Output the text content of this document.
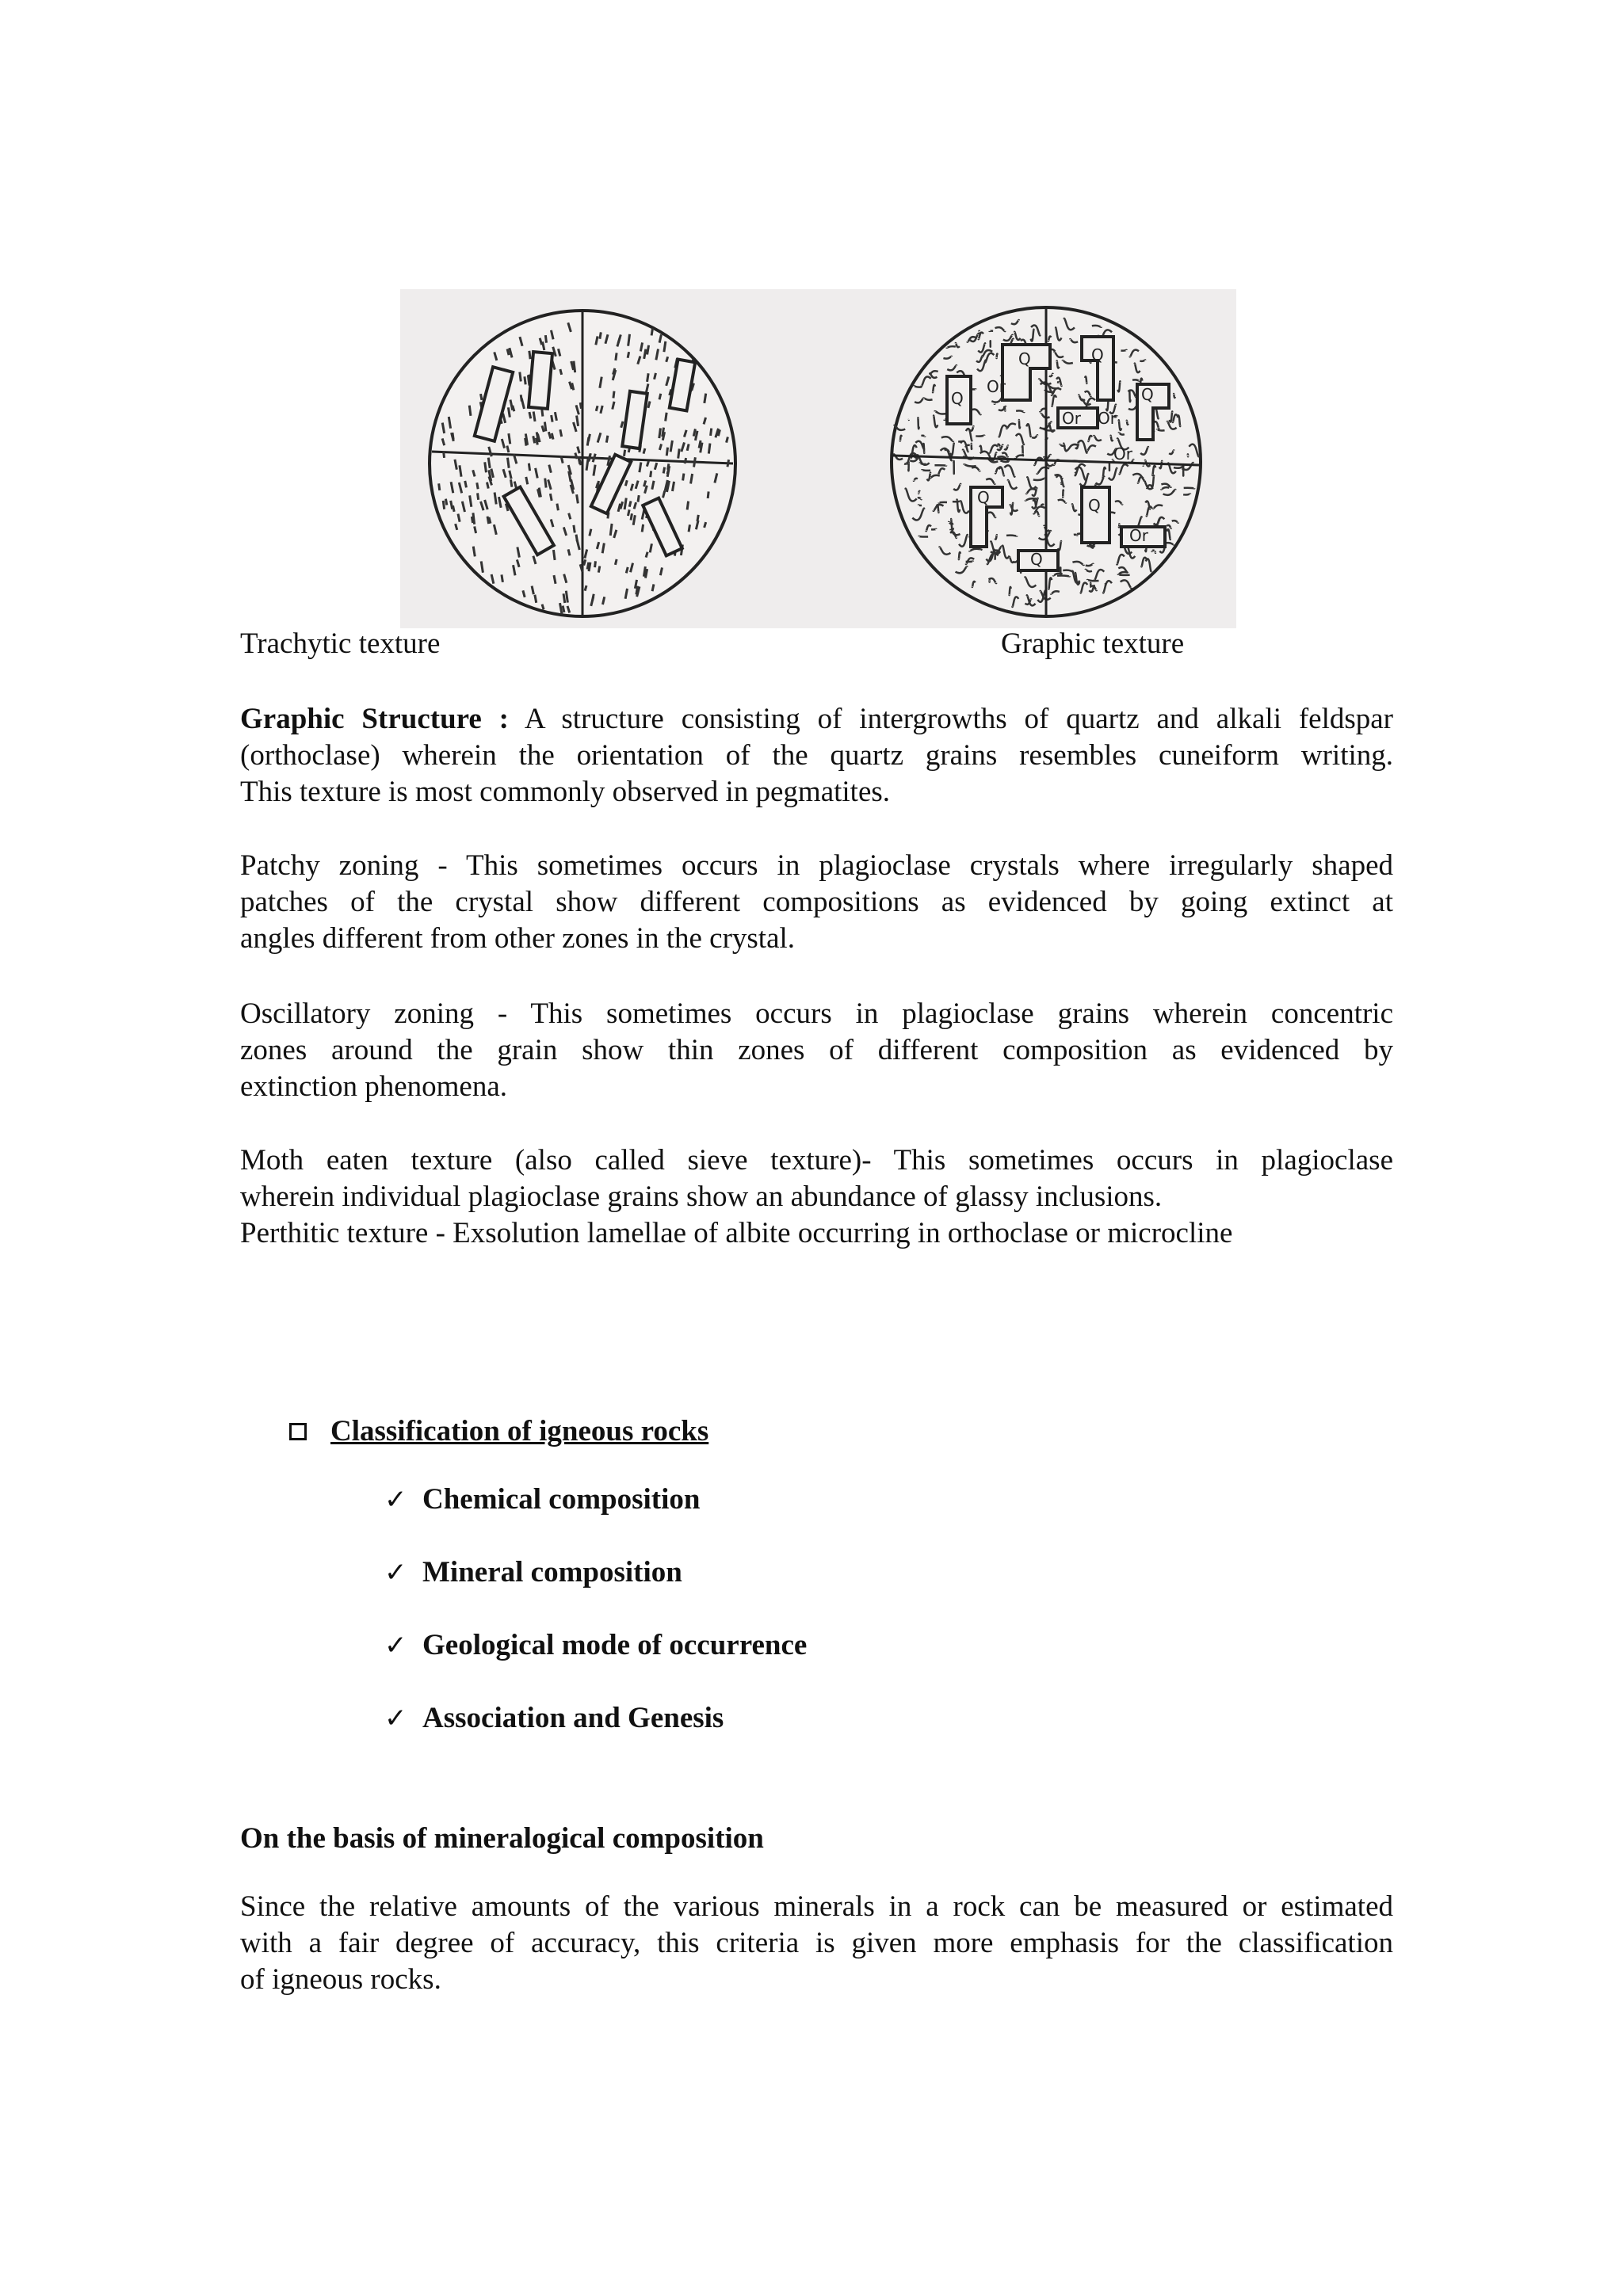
Q	Q
Or
Or
Q
Or
Q
Or
Q	Q
Or
Q
Trachytic texture	Graphic texture
Graphic Structure : A structure consisting of intergrowths of quartz and alkali feldspar
(orthoclase) wherein the orientation of the quartz grains resembles cuneiform writing.
This texture is most commonly observed in pegmatites.
Patchy zoning - This sometimes occurs in plagioclase crystals where irregularly shaped
patches of the crystal show different compositions as evidenced by going extinct at
angles different from other zones in the crystal.
Oscillatory zoning - This sometimes occurs in plagioclase grains wherein concentric
zones around the grain show thin zones of different composition as evidenced by
extinction phenomena.
Moth eaten texture (also called sieve texture)- This sometimes occurs in plagioclase
wherein individual plagioclase grains show an abundance of glassy inclusions.
Perthitic texture - Exsolution lamellae of albite occurring in orthoclase or microcline
Classification of igneous rocks
✓ Chemical composition
✓ Mineral composition
✓ Geological mode of occurrence
✓ Association and Genesis
On the basis of mineralogical composition
Since the relative amounts of the various minerals in a rock can be measured or estimated
with a fair degree of accuracy, this criteria is given more emphasis for the classification
of igneous rocks.
